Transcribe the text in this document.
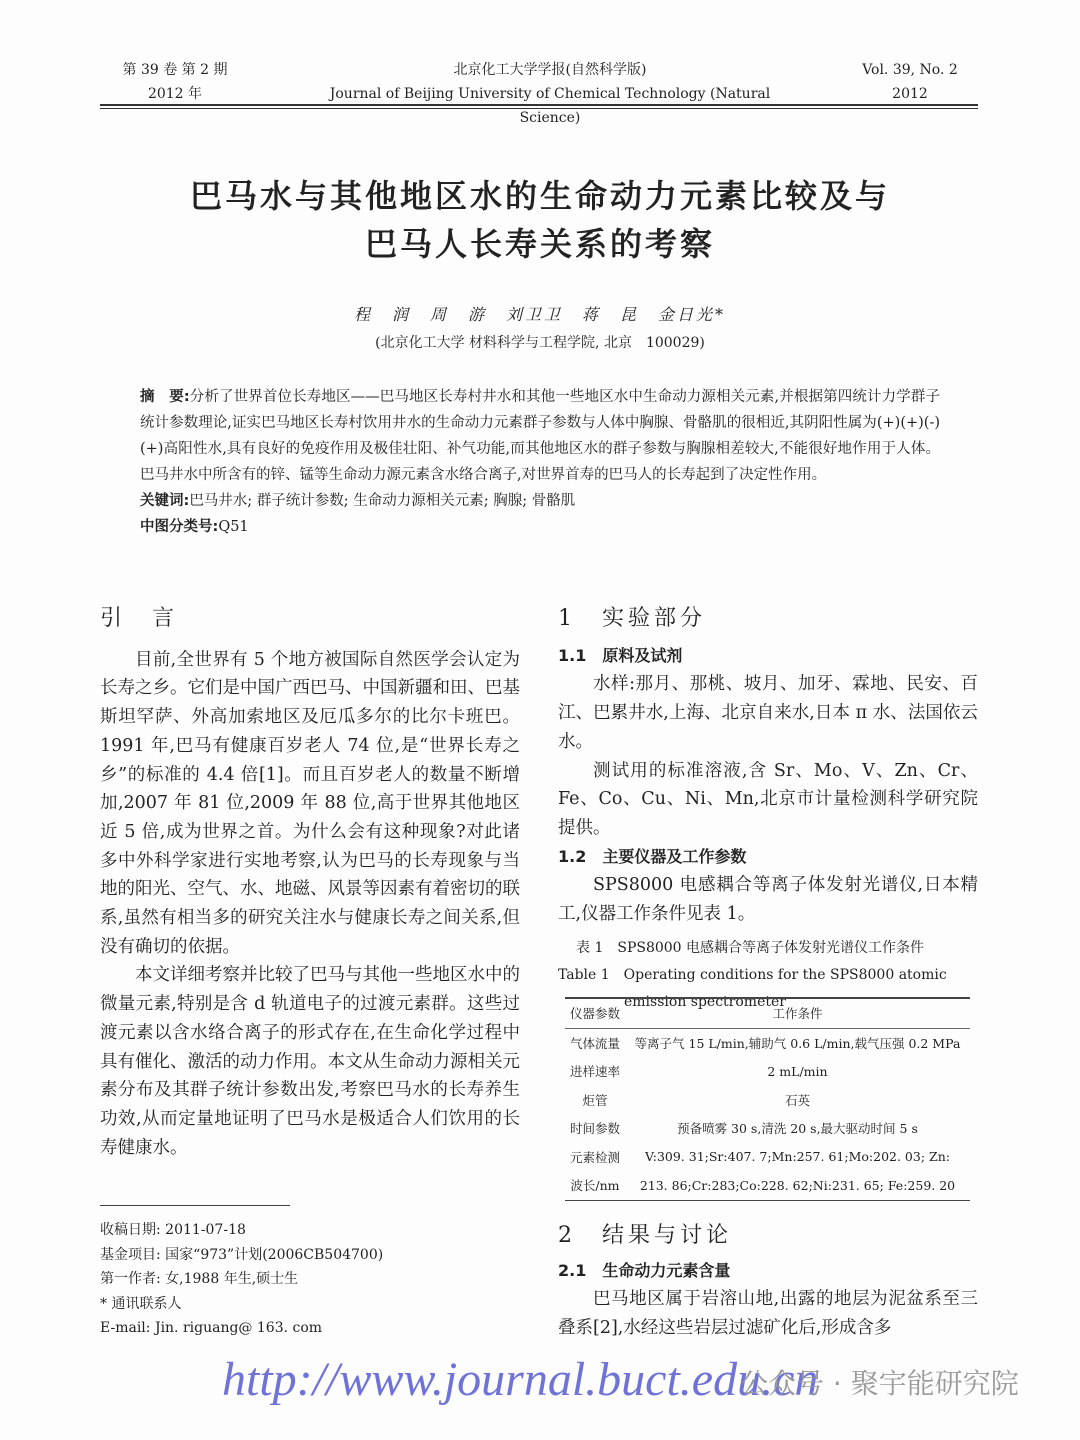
第 39 卷 第 2 期
2012 年
北京化工大学学报(自然科学版)
Journal of Beijing University of Chemical Technology (Natural Science)
Vol. 39, No. 2
2012
巴马水与其他地区水的生命动力元素比较及与
巴马人长寿关系的考察
程　润　周　游　刘卫卫　蒋　昆　金日光*
(北京化工大学 材料科学与工程学院, 北京　100029)
摘　要:分析了世界首位长寿地区——巴马地区长寿村井水和其他一些地区水中生命动力源相关元素,并根据第四统计力学群子统计参数理论,证实巴马地区长寿村饮用井水的生命动力元素群子参数与人体中胸腺、骨骼肌的很相近,其阴阳性属为(+)(+)(-)(+)高阳性水,具有良好的免疫作用及极佳壮阳、补气功能,而其他地区水的群子参数与胸腺相差较大,不能很好地作用于人体。巴马井水中所含有的锌、锰等生命动力源元素含水络合离子,对世界首寿的巴马人的长寿起到了决定性作用。
关键词:巴马井水; 群子统计参数; 生命动力源相关元素; 胸腺; 骨骼肌
中图分类号:Q51
引　言

目前,全世界有 5 个地方被国际自然医学会认定为长寿之乡。它们是中国广西巴马、中国新疆和田、巴基斯坦罕萨、外高加索地区及厄瓜多尔的比尔卡班巴。1991 年,巴马有健康百岁老人 74 位,是“世界长寿之乡”的标准的 4.4 倍[1]。而且百岁老人的数量不断增加,2007 年 81 位,2009 年 88 位,高于世界其他地区近 5 倍,成为世界之首。为什么会有这种现象?对此诸多中外科学家进行实地考察,认为巴马的长寿现象与当地的阳光、空气、水、地磁、风景等因素有着密切的联系,虽然有相当多的研究关注水与健康长寿之间关系,但没有确切的依据。

本文详细考察并比较了巴马与其他一些地区水中的微量元素,特别是含 d 轨道电子的过渡元素群。这些过渡元素以含水络合离子的形式存在,在生命化学过程中具有催化、激活的动力作用。本文从生命动力源相关元素分布及其群子统计参数出发,考察巴马水的长寿养生功效,从而定量地证明了巴马水是极适合人们饮用的长寿健康水。

收稿日期: 2011-07-18
基金项目: 国家“973”计划(2006CB504700)
第一作者: 女,1988 年生,硕士生
* 通讯联系人
E-mail: Jin. riguang@ 163. com
1　实验部分
1.1　原料及试剂

水样:那月、那桃、坡月、加牙、霖地、民安、百江、巴累井水,上海、北京自来水,日本 π 水、法国依云水。

测试用的标准溶液,含 Sr、Mo、V、Zn、Cr、Fe、Co、Cu、Ni、Mn,北京市计量检测科学研究院提供。

1.2　主要仪器及工作参数

SPS8000 电感耦合等离子体发射光谱仪,日本精工,仪器工作条件见表 1。

表 1　SPS8000 电感耦合等离子体发射光谱仪工作条件
Table 1　Operating conditions for the SPS8000 atomic
emission spectrometer
仪器参数	工作条件
气体流量	等离子气 15 L/min,辅助气 0.6 L/min,载气压强 0.2 MPa
进样速率	2 mL/min
炬管	石英
时间参数	预备喷雾 30 s,清洗 20 s,最大驱动时间 5 s
元素检测	V:309. 31;Sr:407. 7;Mn:257. 61;Mo:202. 03; Zn:
波长/nm	213. 86;Cr:283;Co:228. 62;Ni:231. 65; Fe:259. 20
2　结果与讨论
2.1　生命动力元素含量

巴马地区属于岩溶山地,出露的地层为泥盆系至三叠系[2],水经这些岩层过滤矿化后,形成含多

http://www.journal.buct.edu.cn
公众号 · 聚宇能研究院
